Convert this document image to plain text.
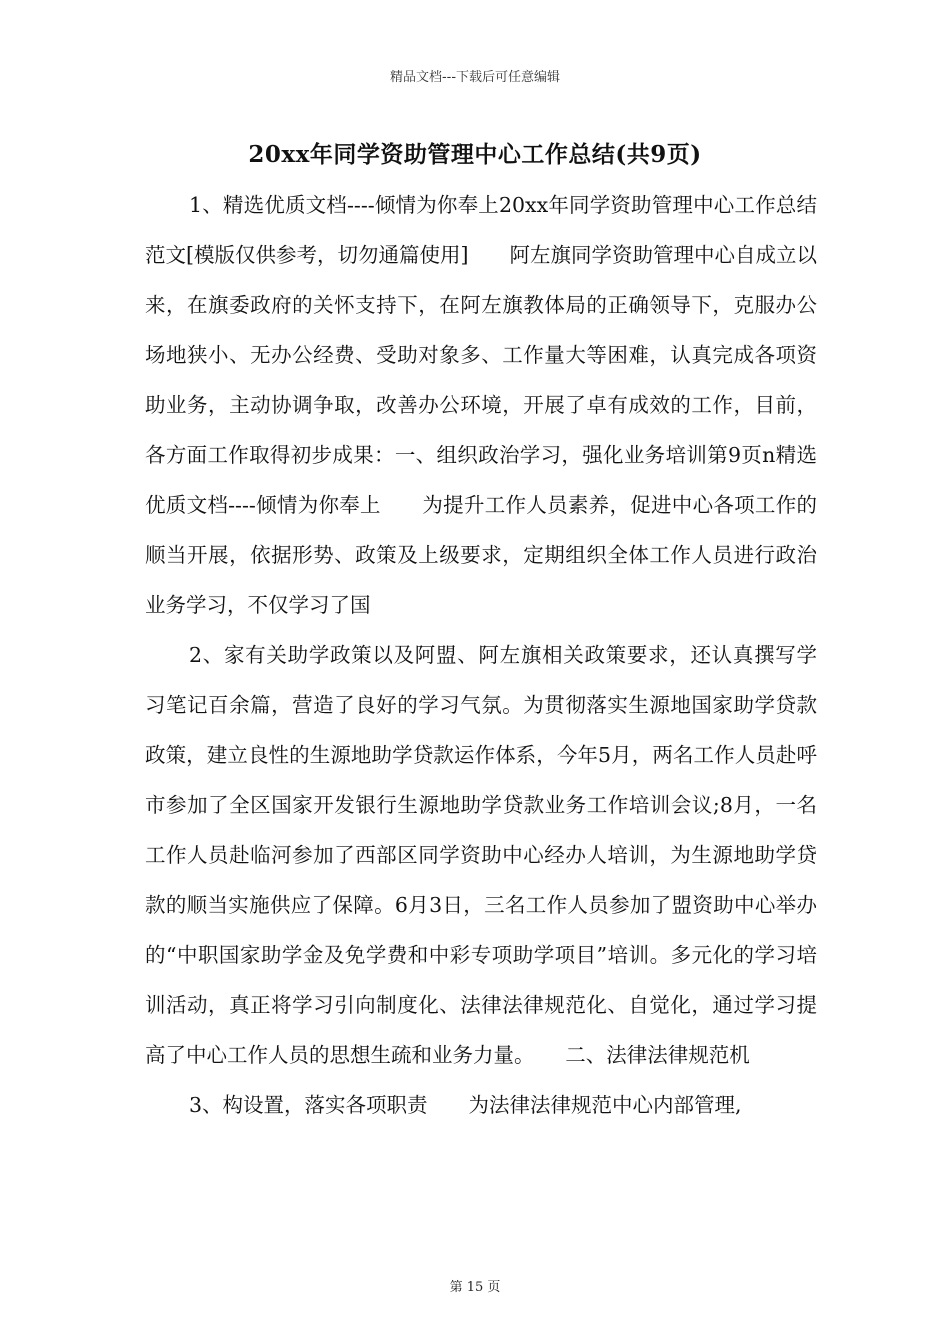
精品文档---下载后可任意编辑
20xx年同学资助管理中心工作总结(共9页)

1、精选优质文档----倾情为你奉上20xx年同学资助管理中心工作总结范文[模版仅供参考，切勿通篇使用]　　阿左旗同学资助管理中心自成立以来，在旗委政府的关怀支持下，在阿左旗教体局的正确领导下，克服办公场地狭小、无办公经费、受助对象多、工作量大等困难，认真完成各项资助业务，主动协调争取，改善办公环境，开展了卓有成效的工作，目前，各方面工作取得初步成果：一、组织政治学习，强化业务培训第9页n精选优质文档----倾情为你奉上　　为提升工作人员素养，促进中心各项工作的顺当开展，依据形势、政策及上级要求，定期组织全体工作人员进行政治业务学习，不仅学习了国

2、家有关助学政策以及阿盟、阿左旗相关政策要求，还认真撰写学习笔记百余篇，营造了良好的学习气氛。为贯彻落实生源地国家助学贷款政策，建立良性的生源地助学贷款运作体系，今年5月，两名工作人员赴呼市参加了全区国家开发银行生源地助学贷款业务工作培训会议;8月，一名工作人员赴临河参加了西部区同学资助中心经办人培训，为生源地助学贷款的顺当实施供应了保障。6月3日，三名工作人员参加了盟资助中心举办的“中职国家助学金及免学费和中彩专项助学项目”培训。多元化的学习培训活动，真正将学习引向制度化、法律法律规范化、自觉化，通过学习提高了中心工作人员的思想生疏和业务力量。　　二、法律法律规范机

3、构设置，落实各项职责　　为法律法律规范中心内部管理,

第 15 页
